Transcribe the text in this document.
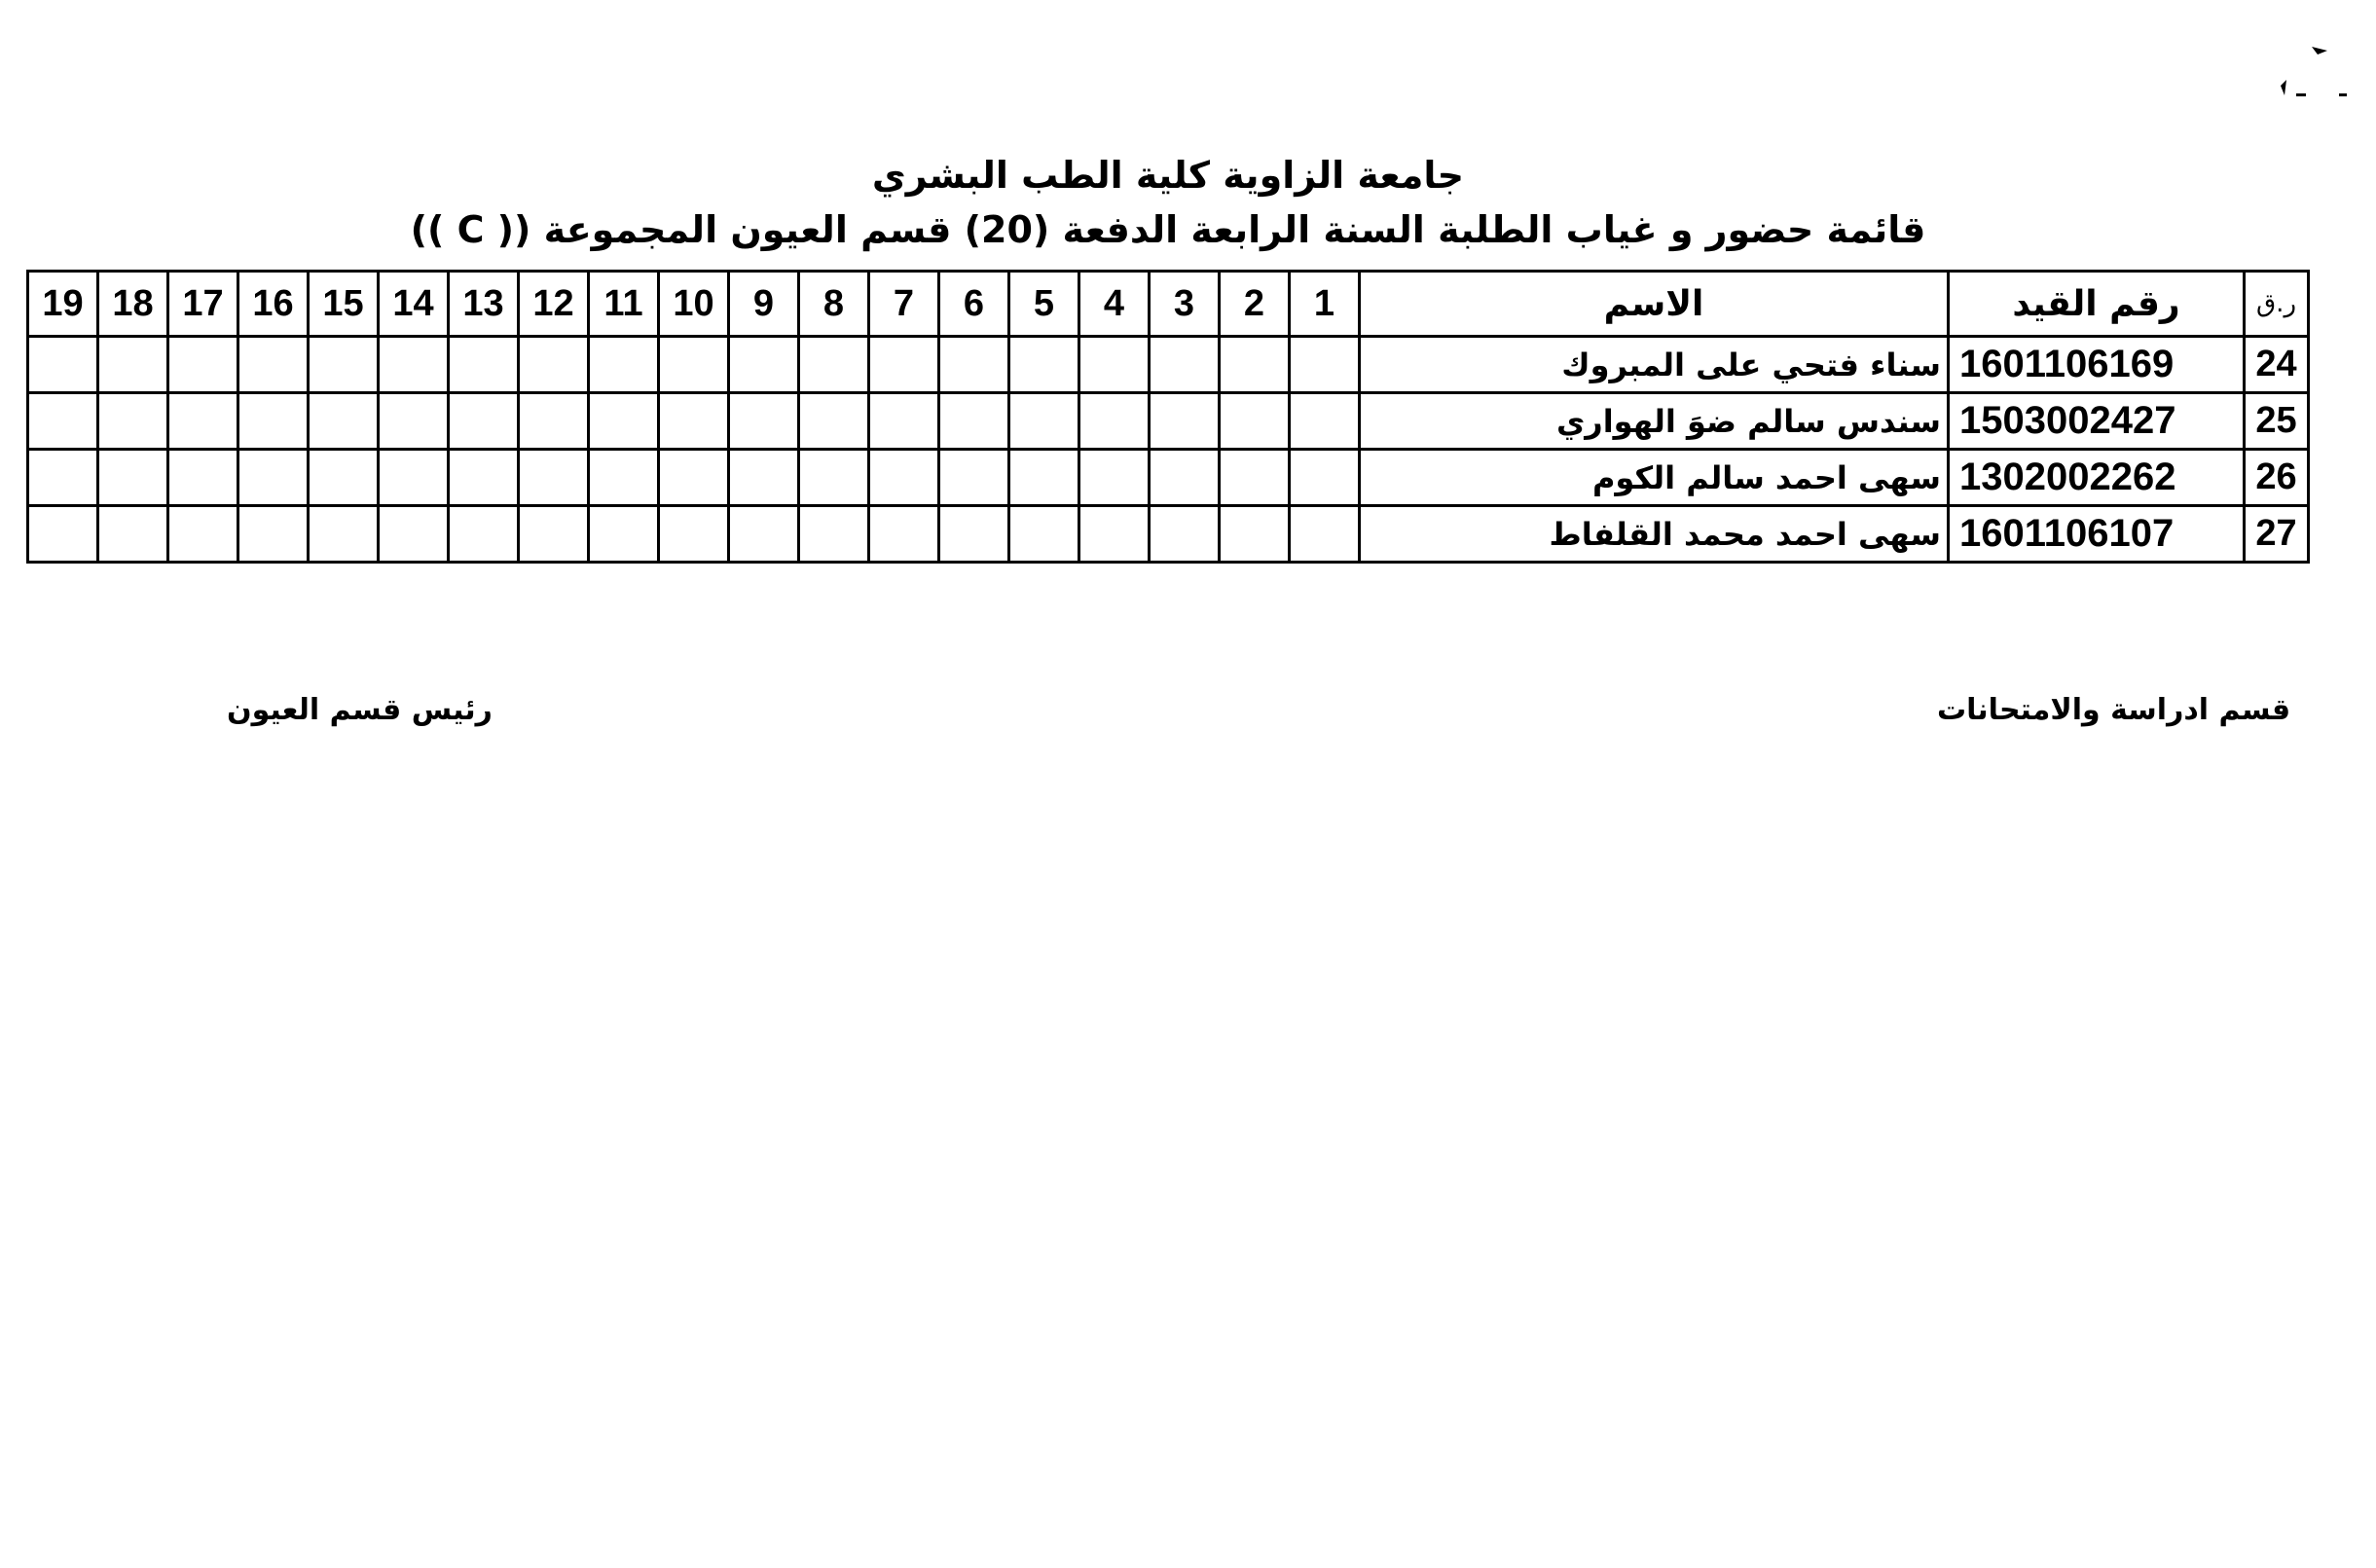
جامعة الزاوية كلية الطب البشري
قائمة حضور و غياب الطلبة السنة الرابعة الدفعة (20) قسم العيون المجموعة (( C ))
ر.ق	رقم القيد	الاسم	1	2	3	4	5	6	7	8	9	10	11	12	13	14	15	16	17	18	19
24	1601106169	سناء فتحي على المبروك																			
25	1503002427	سندس سالم ضوَ الهواري																			
26	1302002262	سهى احمد سالم الكوم																			
27	1601106107	سهى احمد محمد القلفاط																			
قسم ادراسة والامتحانات
رئيس قسم العيون
